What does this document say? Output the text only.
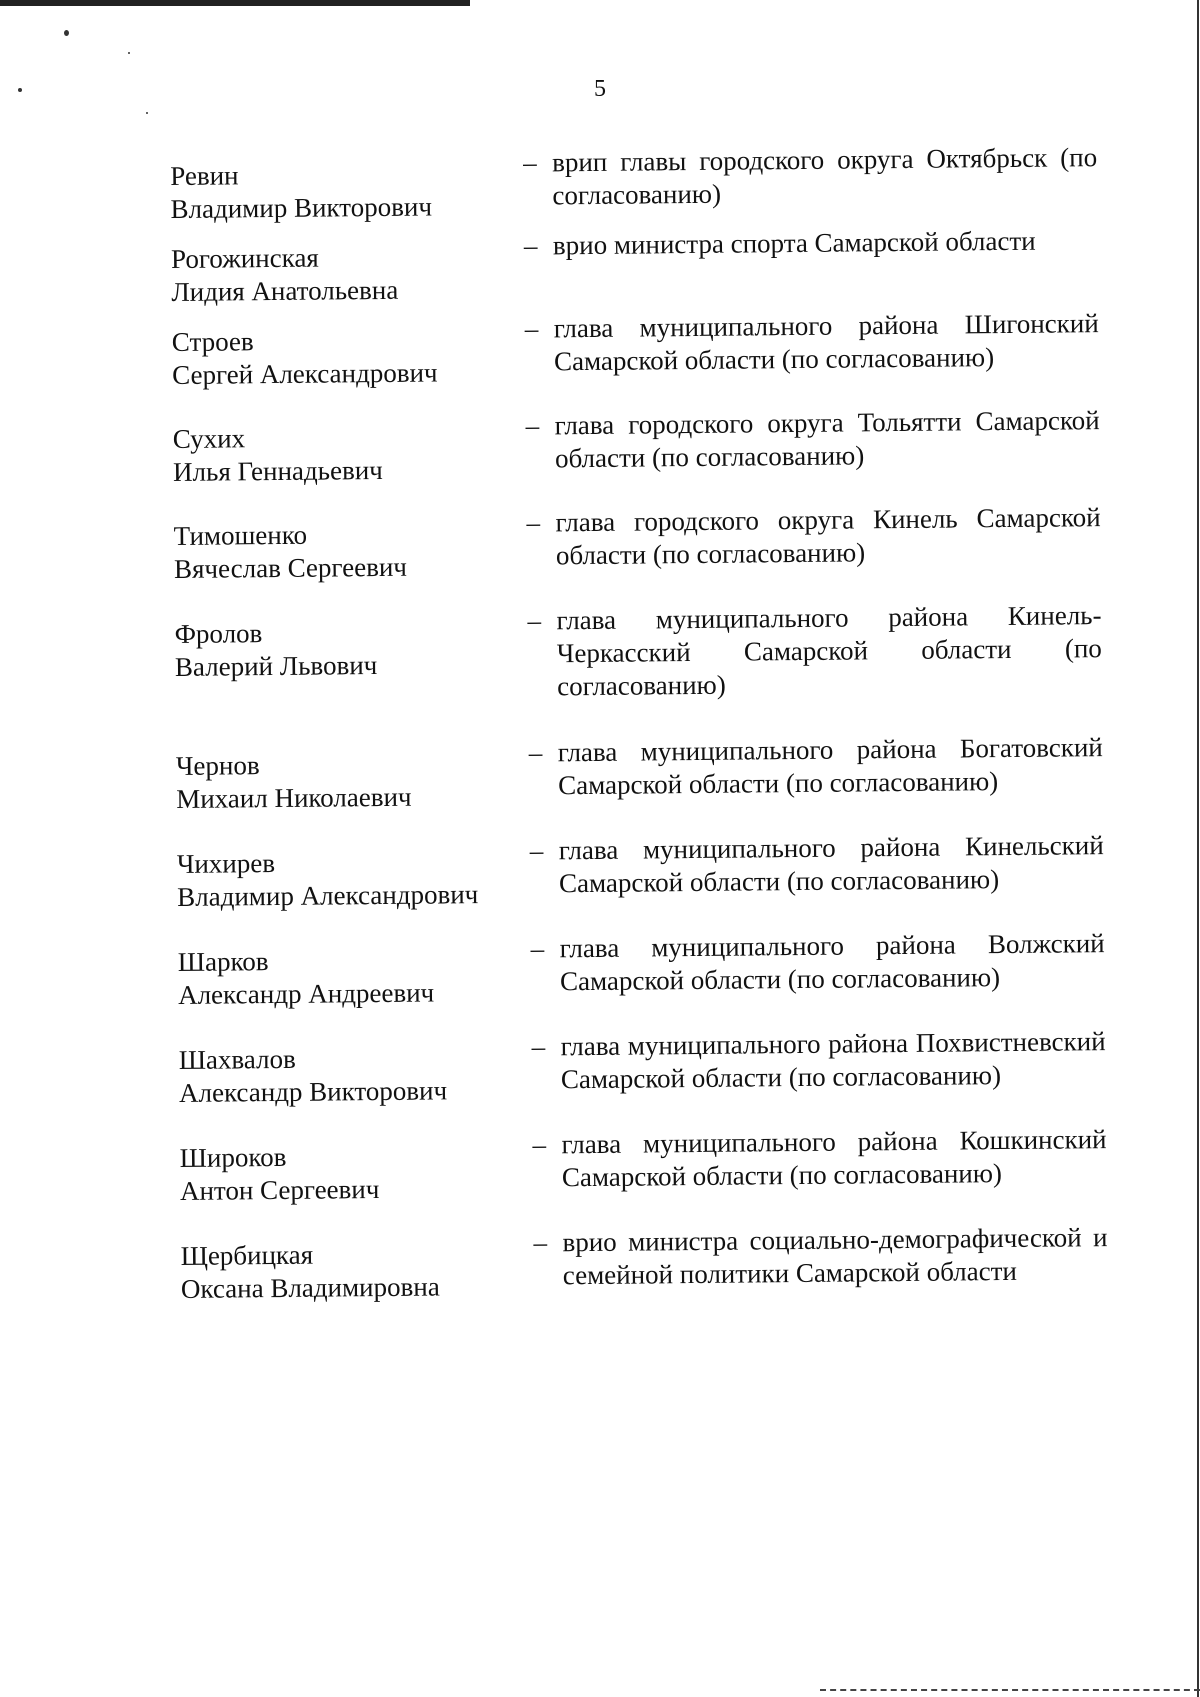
5
Ревин
Владимир Викторович
– врип главы городского округа Октябрьск (по согласованию)
Рогожинская
Лидия Анатольевна
– врио министра спорта Самарской области
Строев
Сергей Александрович
– глава муниципального района Шигонский Самарской области (по согласованию)
Сухих
Илья Геннадьевич
– глава городского округа Тольятти Самарской области (по согласованию)
Тимошенко
Вячеслав Сергеевич
– глава городского округа Кинель Самарской области (по согласованию)
Фролов
Валерий Львович
– глава муниципального района Кинель-Черкасский Самарской области (по согласованию)
Чернов
Михаил Николаевич
– глава муниципального района Богатовский Самарской области (по согласованию)
Чихирев
Владимир Александрович
– глава муниципального района Кинельский Самарской области (по согласованию)
Шарков
Александр Андреевич
– глава муниципального района Волжский Самарской области (по согласованию)
Шахвалов
Александр Викторович
– глава муниципального района Похвистневский Самарской области (по согласованию)
Широков
Антон Сергеевич
– глава муниципального района Кошкинский Самарской области (по согласованию)
Щербицкая
Оксана Владимировна
– врио министра социально-демографической и семейной политики Самарской области
